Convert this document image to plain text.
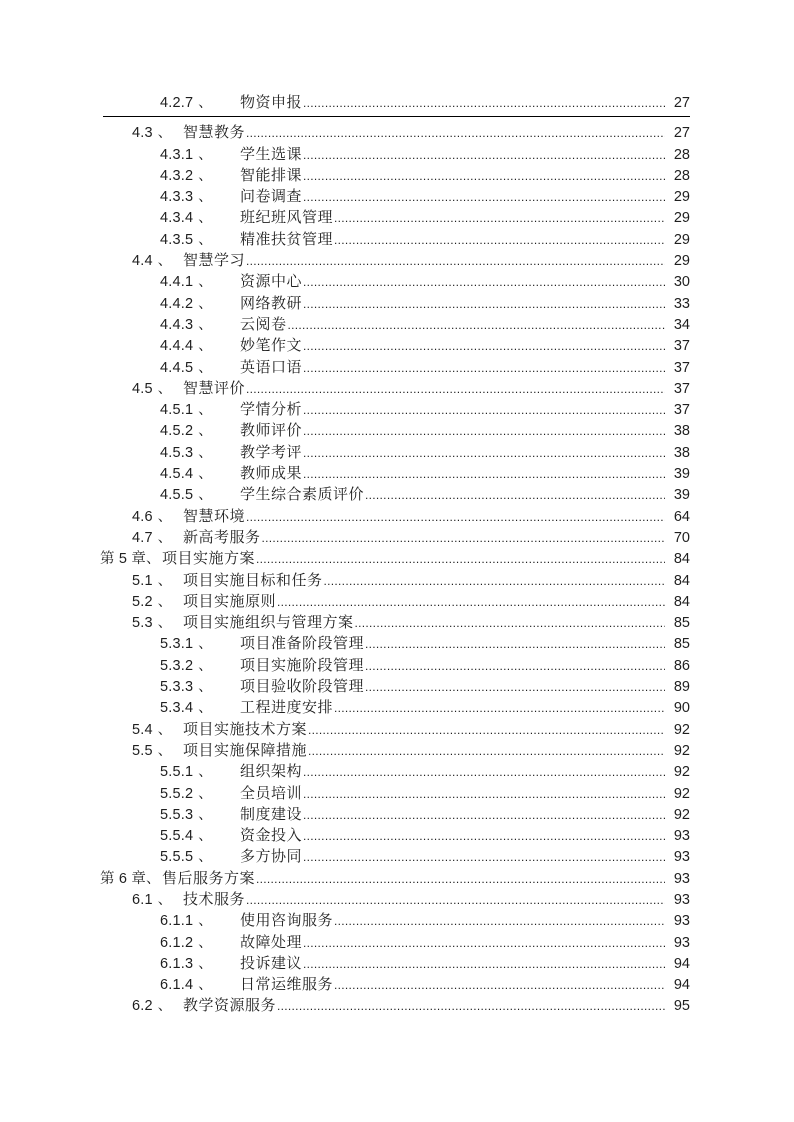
4.2.7 、 物资申报 .....	27
4.3 、 智慧教务 .....	27
4.3.1 、 学生选课 .....	28
4.3.2 、 智能排课 .....	28
4.3.3 、 问卷调查 .....	29
4.3.4 、 班纪班风管理 .....	29
4.3.5 、 精准扶贫管理 .....	29
4.4 、 智慧学习 .....	29
4.4.1 、 资源中心 .....	30
4.4.2 、 网络教研 .....	33
4.4.3 、 云阅卷 .....	34
4.4.4 、 妙笔作文 .....	37
4.4.5 、 英语口语 .....	37
4.5 、 智慧评价 .....	37
4.5.1 、 学情分析 .....	37
4.5.2 、 教师评价 .....	38
4.5.3 、 教学考评 .....	38
4.5.4 、 教师成果 .....	39
4.5.5 、 学生综合素质评价 .....	39
4.6 、 智慧环境 .....	64
4.7 、 新高考服务 .....	70
第 5 章 、 项目实施方案 .....	84
5.1 、 项目实施目标和任务 .....	84
5.2 、 项目实施原则 .....	84
5.3 、 项目实施组织与管理方案 .....	85
5.3.1 、 项目准备阶段管理 .....	85
5.3.2 、 项目实施阶段管理 .....	86
5.3.3 、 项目验收阶段管理 .....	89
5.3.4 、 工程进度安排 .....	90
5.4 、 项目实施技术方案 .....	92
5.5 、 项目实施保障措施 .....	92
5.5.1 、 组织架构 .....	92
5.5.2 、 全员培训 .....	92
5.5.3 、 制度建设 .....	92
5.5.4 、 资金投入 .....	93
5.5.5 、 多方协同 .....	93
第 6 章 、 售后服务方案 .....	93
6.1 、 技术服务 .....	93
6.1.1 、 使用咨询服务 .....	93
6.1.2 、 故障处理 .....	93
6.1.3 、 投诉建议 .....	94
6.1.4 、 日常运维服务 .....	94
6.2 、 教学资源服务 .....	95
